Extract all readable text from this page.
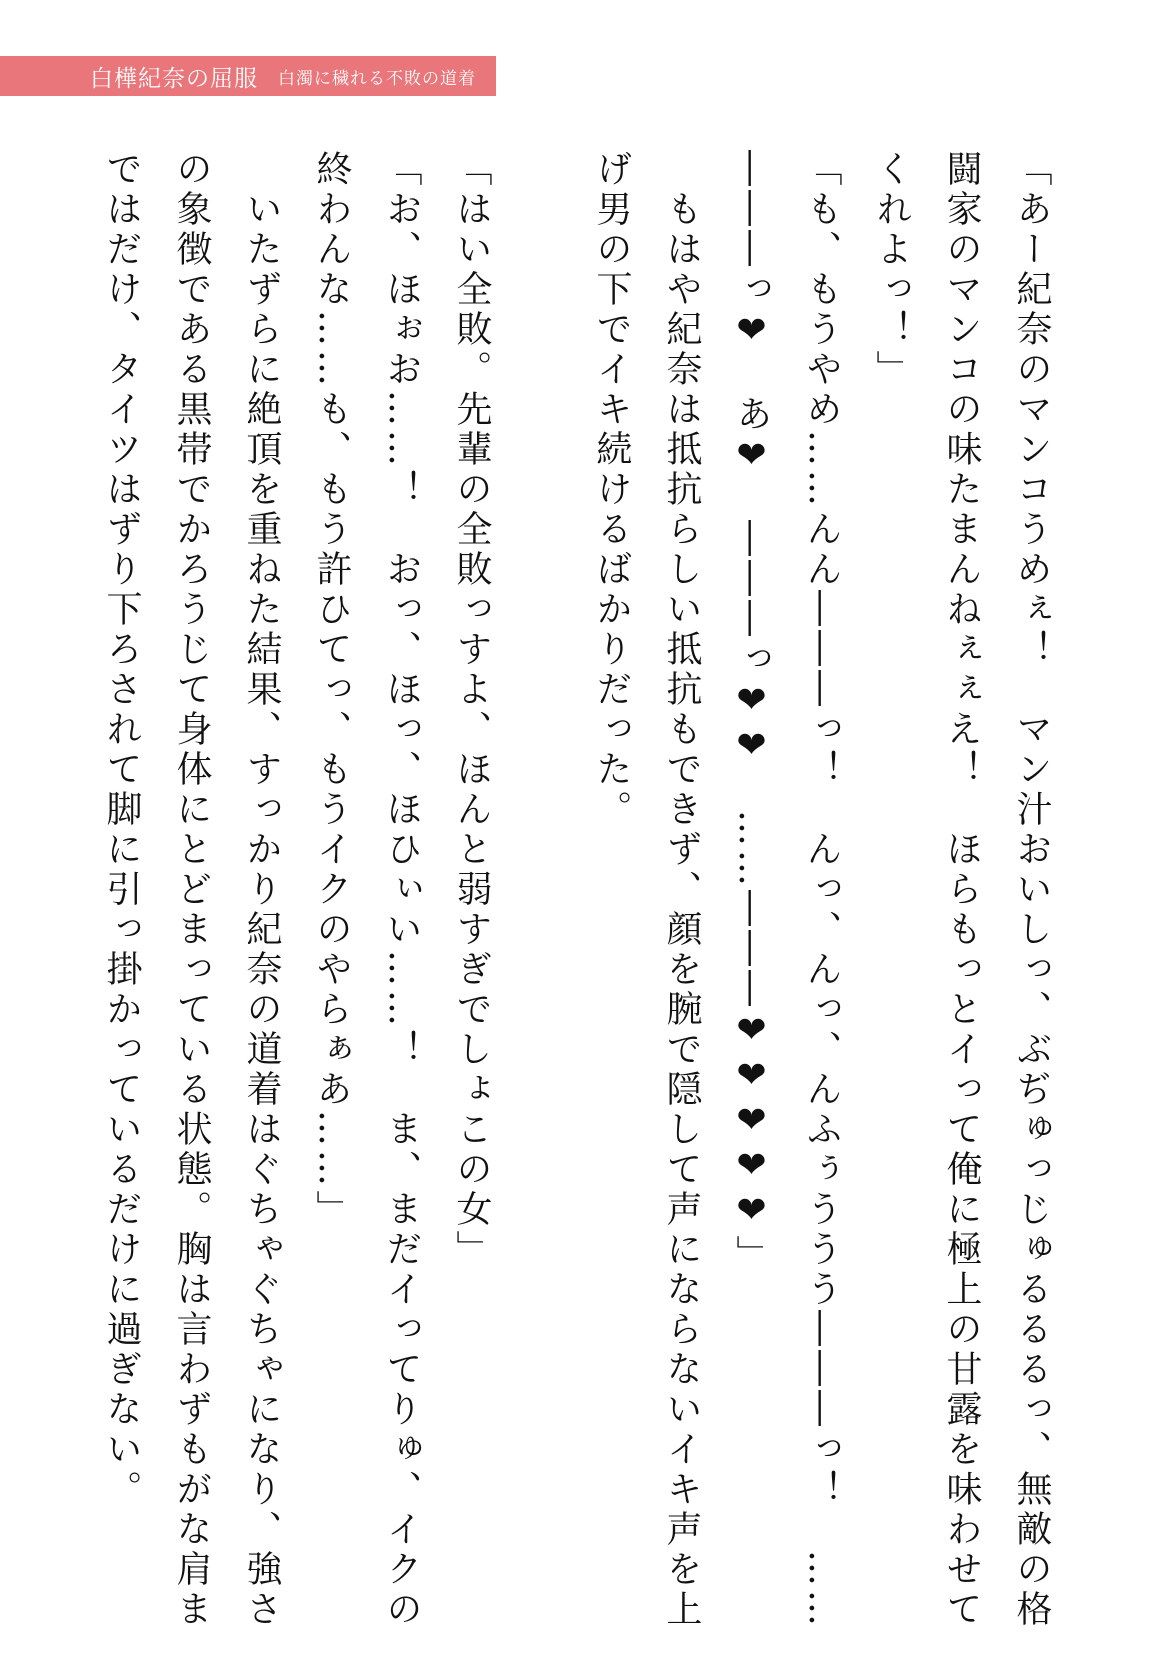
白樺紀奈の屈服 白濁に穢れる不敗の道着

「あー紀奈のマンコうめぇ！　マン汁おいしっ、ぶぢゅっじゅるるるっ、無敵の格闘家のマンコの味たまんねぇぇえ！　ほらもっとイって俺に極上の甘露を味わせてくれよっ！」

「も、もうやめ……んん―――っ！　んっ、んっ、んふぅううう―――っ！　……―――っ❤　あ❤　―――っ❤❤　……―――❤❤❤❤❤」

　もはや紀奈は抵抗らしい抵抗もできず、顔を腕で隠して声にならないイキ声を上げ男の下でイキ続けるばかりだった。

「はい全敗。先輩の全敗っすよ、ほんと弱すぎでしょこの女」

「お、ほぉお……！　おっ、ほっ、ほひぃい……！　ま、まだイってりゅ、イクの終わんな……も、もう許ひてっ、もうイクのやらぁあ……」

　いたずらに絶頂を重ねた結果、すっかり紀奈の道着はぐちゃぐちゃになり、強さの象徴である黒帯でかろうじて身体にとどまっている状態。胸は言わずもがな肩まではだけ、タイツはずり下ろされて脚に引っ掛かっているだけに過ぎない。
